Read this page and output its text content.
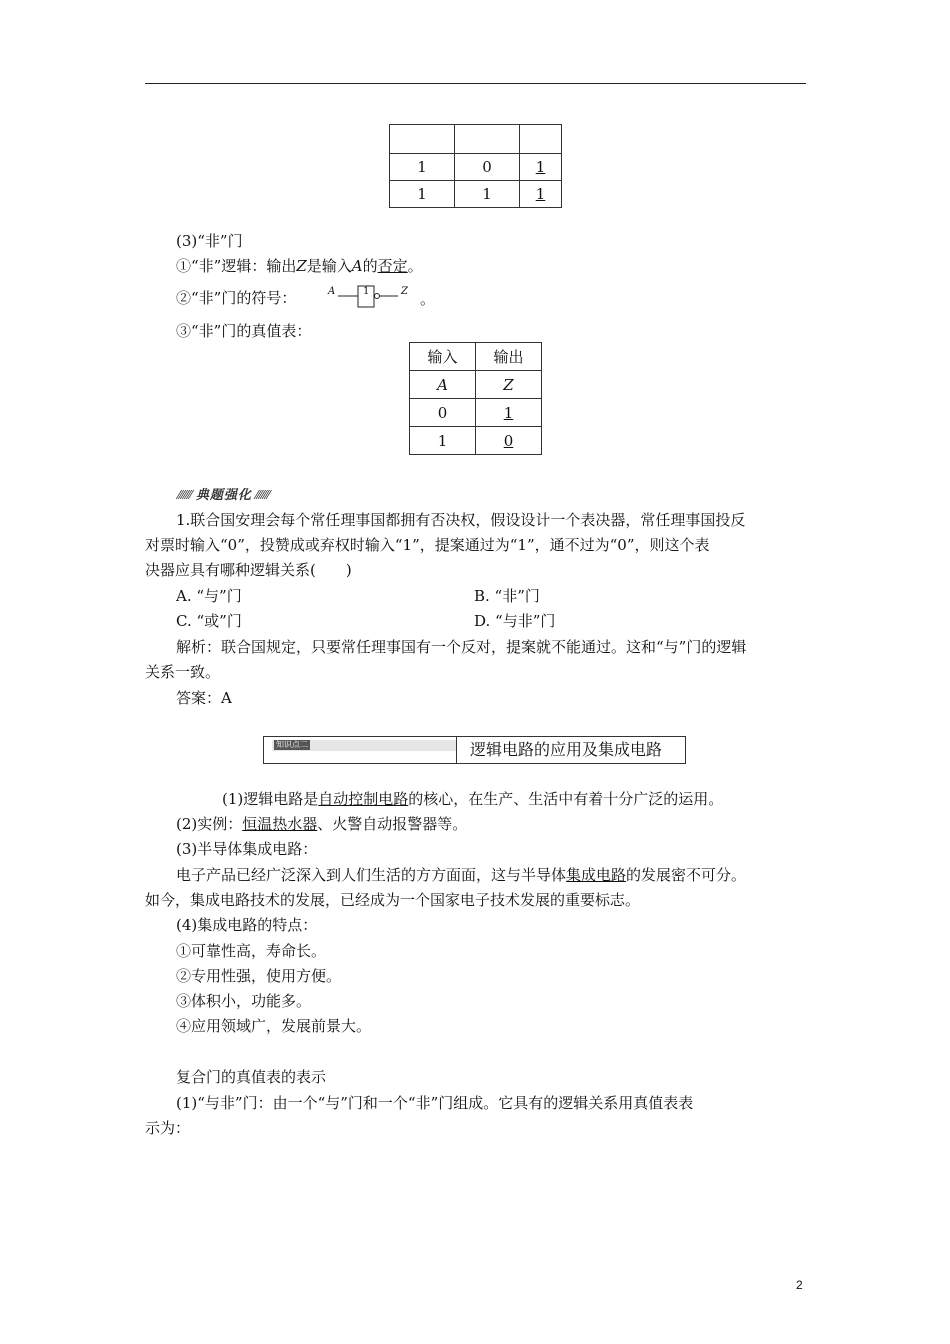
1	0	1
1	1	1
(3)“非”门
①“非”逻辑：输出Z是输入A的否定。
②“非”门的符号：	A	1	Z 。
③“非”门的真值表：
输入	输出
A	Z
0	1
1	0
⁄⁄⁄⁄⁄⁄⁄ 典题强化 ⁄⁄⁄⁄⁄⁄⁄
1.联合国安理会每个常任理事国都拥有否决权，假设设计一个表决器，常任理事国投反
对票时输入“0”，投赞成或弃权时输入“1”，提案通过为“1”，通不过为“0”，则这个表
决器应具有哪种逻辑关系(　　)
A. “与”门	B. “非”门
C. “或”门	D. “与非”门
解析：联合国规定，只要常任理事国有一个反对，提案就不能通过。这和“与”门的逻辑
关系一致。
答案：A
知识点二	逻辑电路的应用及集成电路
(1)逻辑电路是自动控制电路的核心，在生产、生活中有着十分广泛的运用。
(2)实例：恒温热水器、火警自动报警器等。
(3)半导体集成电路：
电子产品已经广泛深入到人们生活的方方面面，这与半导体集成电路的发展密不可分。
如今，集成电路技术的发展，已经成为一个国家电子技术发展的重要标志。
(4)集成电路的特点：
①可靠性高，寿命长。
②专用性强，使用方便。
③体积小，功能多。
④应用领域广，发展前景大。
复合门的真值表的表示
(1)“与非”门：由一个“与”门和一个“非”门组成。它具有的逻辑关系用真值表表
示为：
2
